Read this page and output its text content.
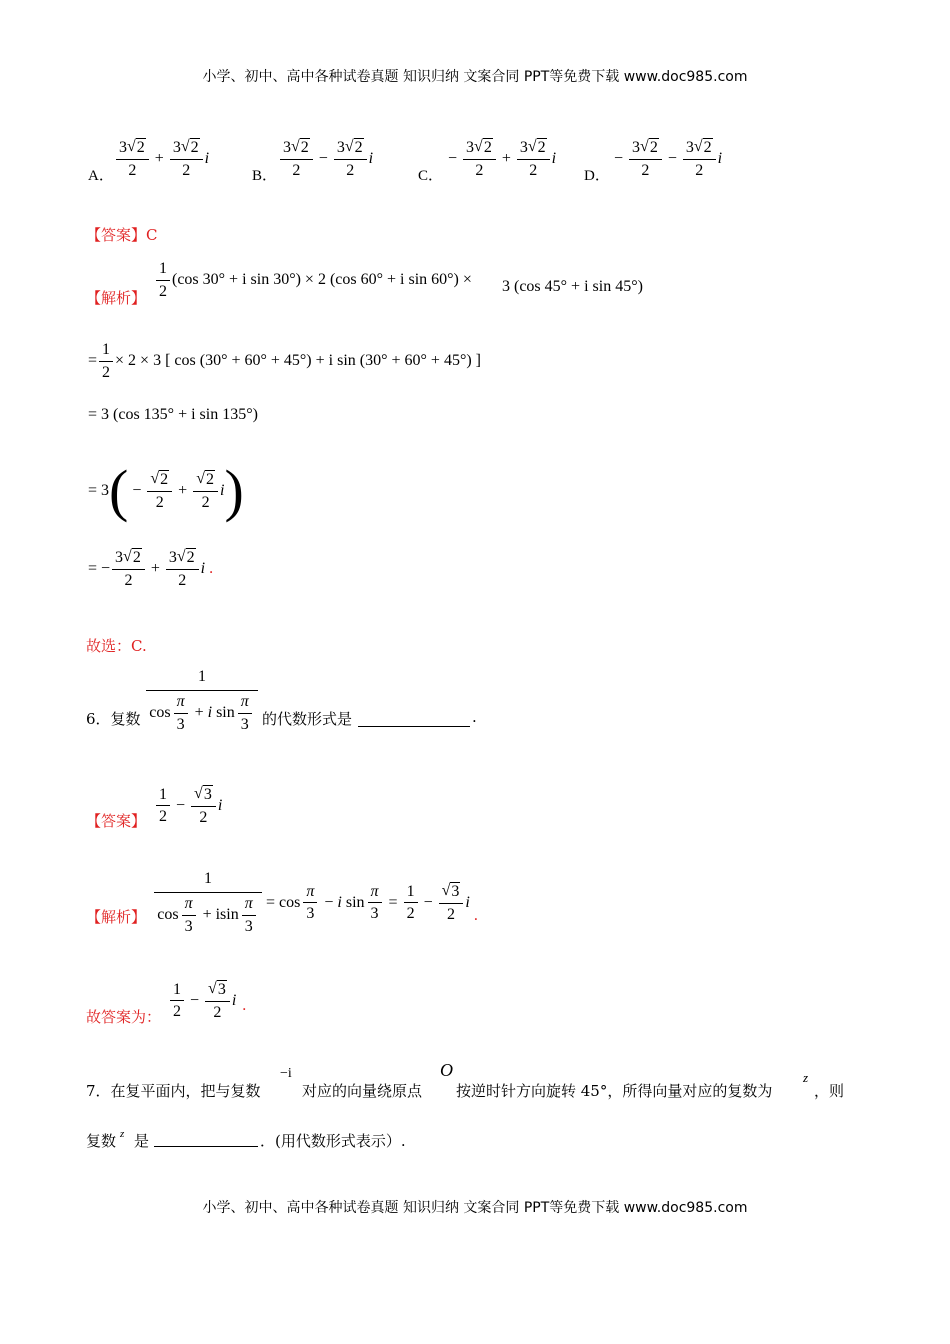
小学、初中、高中各种试卷真题 知识归纳 文案合同 PPT等免费下载 www.doc985.com
A． $\frac{3 √ 2}{2} + \frac{3 √ 2}{2}$ i
B． $\frac{3 √ 2}{2} - \frac{3 √ 2}{2}$ i
C．
− $\frac{3 √ 2}{2} + \frac{3 √ 2}{2}$ i
D．
− $\frac{3 √ 2}{2} - \frac{3 √ 2}{2}$ i
【答案】C
【解析】 $\frac{1}{2} (\cos$ 30° + i sin 30°) × 2 (cos 60° + i sin 60°) × 3 (cos 45° + i sin 45°)
= $\frac{1}{2} \times 2 \times 3$ [ cos (30° + 60° + 45°) + i sin (30° + 60° + 45°) ]
= 3 (cos 135° + i sin 135°)
= 3 ( − $\frac{√ 2}{2} + \frac{√ 2}{2}$ i )
= − $\frac{3 √ 2}{2} + \frac{3 √ 2}{2}$ i .
故选：C.
6．复数
1
$\cos \frac{\pi}{3} + i$ $\sin \frac{\pi}{3}$ 的代数形式是	.
【答案】 $\frac{1}{2} - \frac{√ 3}{2}$ i
【解析】 $\frac{1}{\cos \frac{\pi}{3} + isin \frac{\pi}{3}} = \cos \frac{\pi}{3} - i$ $\sin \frac{\pi}{3} = \frac{1}{2} - \frac{√ 3}{2}$ i
.
故答案为： $\frac{1}{2} - \frac{√ 3}{2}$ i .
7．在复平面内，把与复数
−i
对应的向量绕原点
O
按逆时针方向旋转 45°，所得向量对应的复数为
z
，则
复数 z 是	．(用代数形式表示）.
小学、初中、高中各种试卷真题 知识归纳 文案合同 PPT等免费下载 www.doc985.com
